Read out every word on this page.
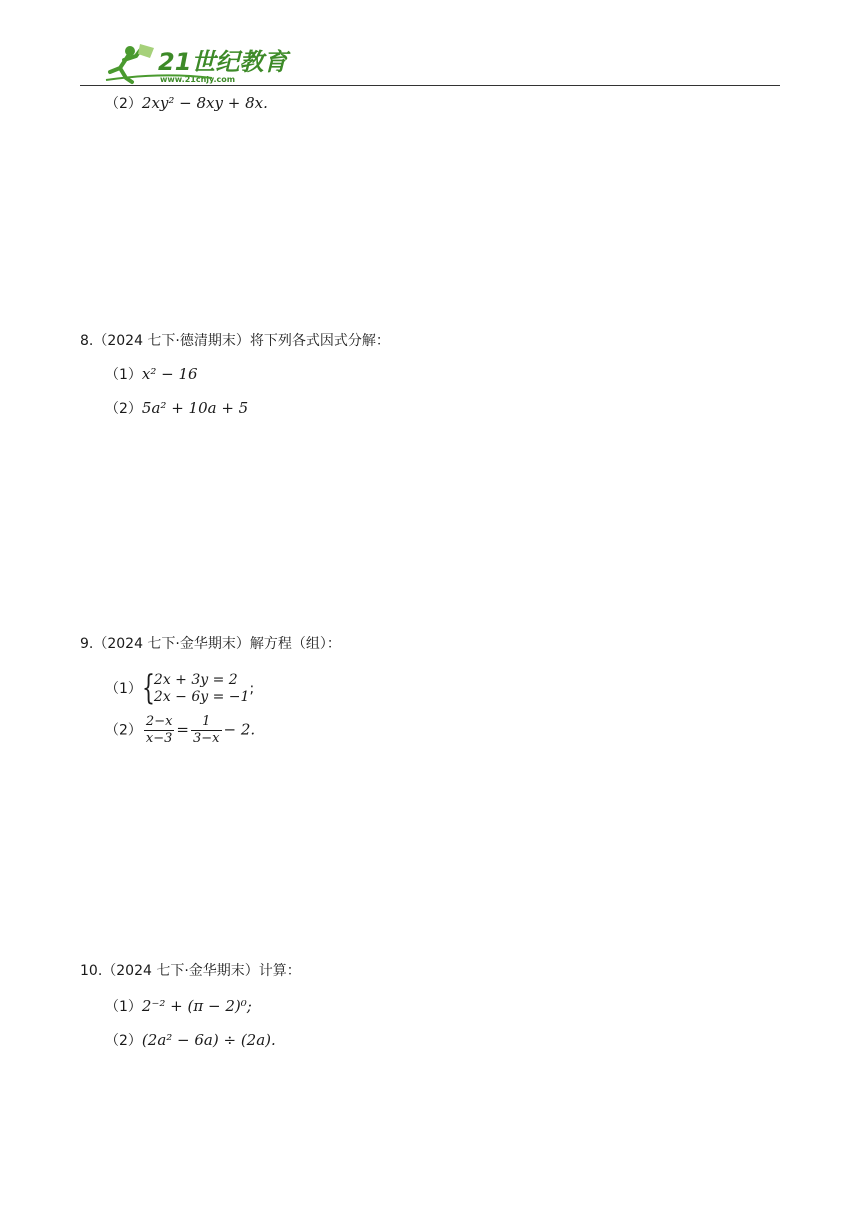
21世纪教育
www.21cnjy.com
（2）2xy² − 8xy + 8x.
8.（2024 七下·德清期末）将下列各式因式分解：
（1）x² − 16
（2）5a² + 10a + 5
9.（2024 七下·金华期末）解方程（组）：
（1） { 2x + 3y = 2
2x − 6y = −1 ;
$(2) \frac{2-x}{x-3} = \frac{1}{3-x} - 2$.
10.（2024 七下·金华期末）计算：
（1）2⁻² + (π − 2)⁰;
（2）(2a² − 6a) ÷ (2a).
